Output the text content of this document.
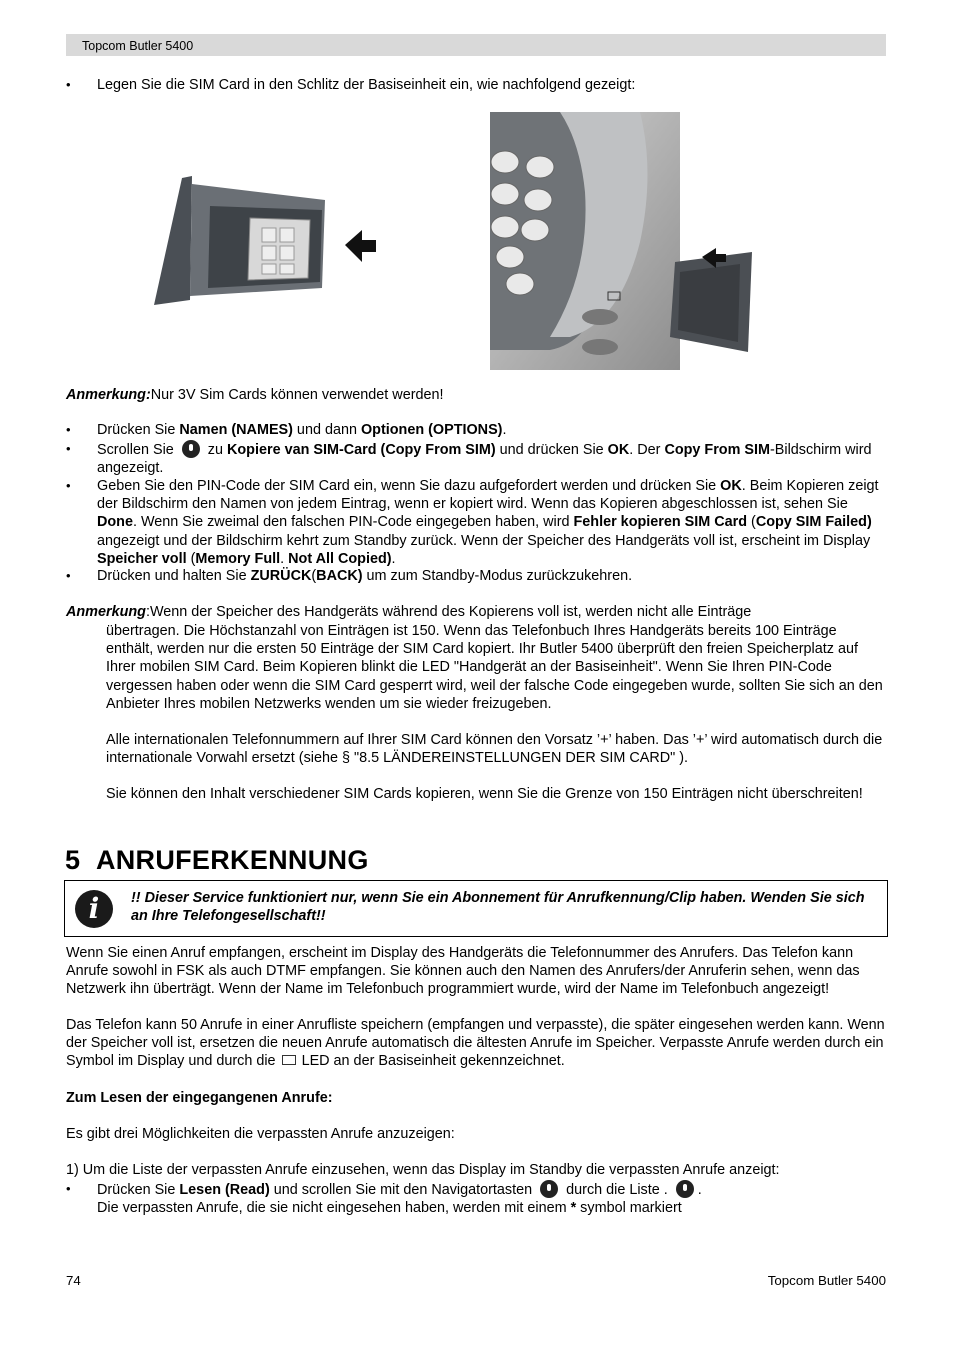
Topcom Butler 5400
• Legen Sie die SIM Card in den Schlitz der Basiseinheit ein, wie nachfolgend gezeigt:
Anmerkung:Nur 3V Sim Cards können verwendet werden!
• Drücken Sie Namen (NAMES) und dann Optionen (OPTIONS).
• Scrollen Sie  zu Kopiere van SIM-Card (Copy From SIM) und drücken Sie OK. Der Copy From SIM-Bildschirm wird angezeigt.
• Geben Sie den PIN-Code der SIM Card ein, wenn Sie dazu aufgefordert werden und drücken Sie OK. Beim Kopieren zeigt der Bildschirm den Namen von jedem Eintrag, wenn er kopiert wird. Wenn das Kopieren abgeschlossen ist, sehen Sie Done. Wenn Sie zweimal den falschen PIN-Code eingegeben haben, wird Fehler kopieren SIM Card (Copy SIM Failed) angezeigt und der Bildschirm kehrt zum Standby zurück. Wenn der Speicher des Handgeräts voll ist, erscheint im Display Speicher voll (Memory Full. Not All Copied).
• Drücken und halten Sie ZURÜCK(BACK) um zum Standby-Modus zurückzukehren.
Anmerkung:Wenn der Speicher des Handgeräts während des Kopierens voll ist, werden nicht alle Einträge
übertragen. Die Höchstanzahl von Einträgen ist 150. Wenn das Telefonbuch Ihres Handgeräts bereits 100 Einträge enthält, werden nur die ersten 50 Einträge der SIM Card kopiert. Ihr Butler 5400 überprüft den freien Speicherplatz auf Ihrer mobilen SIM Card. Beim Kopieren blinkt die LED "Handgerät an der Basiseinheit". Wenn Sie Ihren PIN-Code vergessen haben oder wenn die SIM Card gesperrt wird, weil der falsche Code eingegeben wurde, sollten Sie sich an den Anbieter Ihres mobilen Netzwerks wenden um sie wieder freizugeben.
Alle internationalen Telefonnummern auf Ihrer SIM Card können den Vorsatz ’+’ haben. Das ’+’ wird automatisch durch die internationale Vorwahl ersetzt (siehe § "8.5 LÄNDEREINSTELLUNGEN DER SIM CARD" ).
Sie können den Inhalt verschiedener SIM Cards kopieren, wenn Sie die Grenze von 150 Einträgen nicht überschreiten!
5 ANRUFERKENNUNG
i	!! Dieser Service funktioniert nur, wenn Sie ein Abonnement für Anrufkennung/Clip haben. Wenden Sie sich an Ihre Telefongesellschaft!!
Wenn Sie einen Anruf empfangen, erscheint im Display des Handgeräts die Telefonnummer des Anrufers. Das Telefon kann Anrufe sowohl in FSK als auch DTMF empfangen. Sie können auch den Namen des Anrufers/der Anruferin sehen, wenn das Netzwerk ihn überträgt. Wenn der Name im Telefonbuch programmiert wurde, wird der Name im Telefonbuch angezeigt!
Das Telefon kann 50 Anrufe in einer Anrufliste speichern (empfangen und verpasste), die später eingesehen werden kann. Wenn der Speicher voll ist, ersetzen die neuen Anrufe automatisch die ältesten Anrufe im Speicher. Verpasste Anrufe werden durch ein Symbol im Display und durch die LED an der Basiseinheit gekennzeichnet.
Zum Lesen der eingegangenen Anrufe:
Es gibt drei Möglichkeiten die verpassten Anrufe anzuzeigen:
1) Um die Liste der verpassten Anrufe einzusehen, wenn das Display im Standby die verpassten Anrufe anzeigt:
• Drücken Sie Lesen (Read) und scrollen Sie mit den Navigatortasten  durch die Liste . .
Die verpassten Anrufe, die sie nicht eingesehen haben, werden mit einem * symbol markiert
74	Topcom Butler 5400
